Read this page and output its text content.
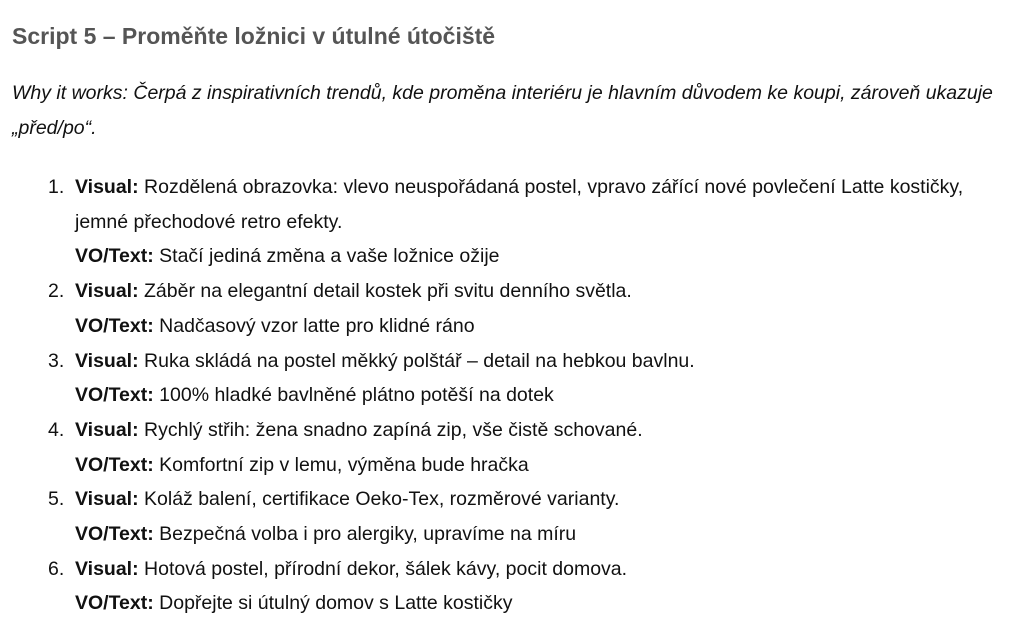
Script 5 – Proměňte ložnici v útulné útočiště

Why it works: Čerpá z inspirativních trendů, kde proměna interiéru je hlavním důvodem ke koupi, zároveň ukazuje „před/po“.

1. Visual: Rozdělená obrazovka: vlevo neuspořádaná postel, vpravo zářící nové povlečení Latte kostičky, jemné přechodové retro efekty.
VO/Text: Stačí jediná změna a vaše ložnice ožije
2. Visual: Záběr na elegantní detail kostek při svitu denního světla.
VO/Text: Nadčasový vzor latte pro klidné ráno
3. Visual: Ruka skládá na postel měkký polštář – detail na hebkou bavlnu.
VO/Text: 100% hladké bavlněné plátno potěší na dotek
4. Visual: Rychlý střih: žena snadno zapíná zip, vše čistě schované.
VO/Text: Komfortní zip v lemu, výměna bude hračka
5. Visual: Koláž balení, certifikace Oeko-Tex, rozměrové varianty.
VO/Text: Bezpečná volba i pro alergiky, upravíme na míru
6. Visual: Hotová postel, přírodní dekor, šálek kávy, pocit domova.
VO/Text: Dopřejte si útulný domov s Latte kostičky
